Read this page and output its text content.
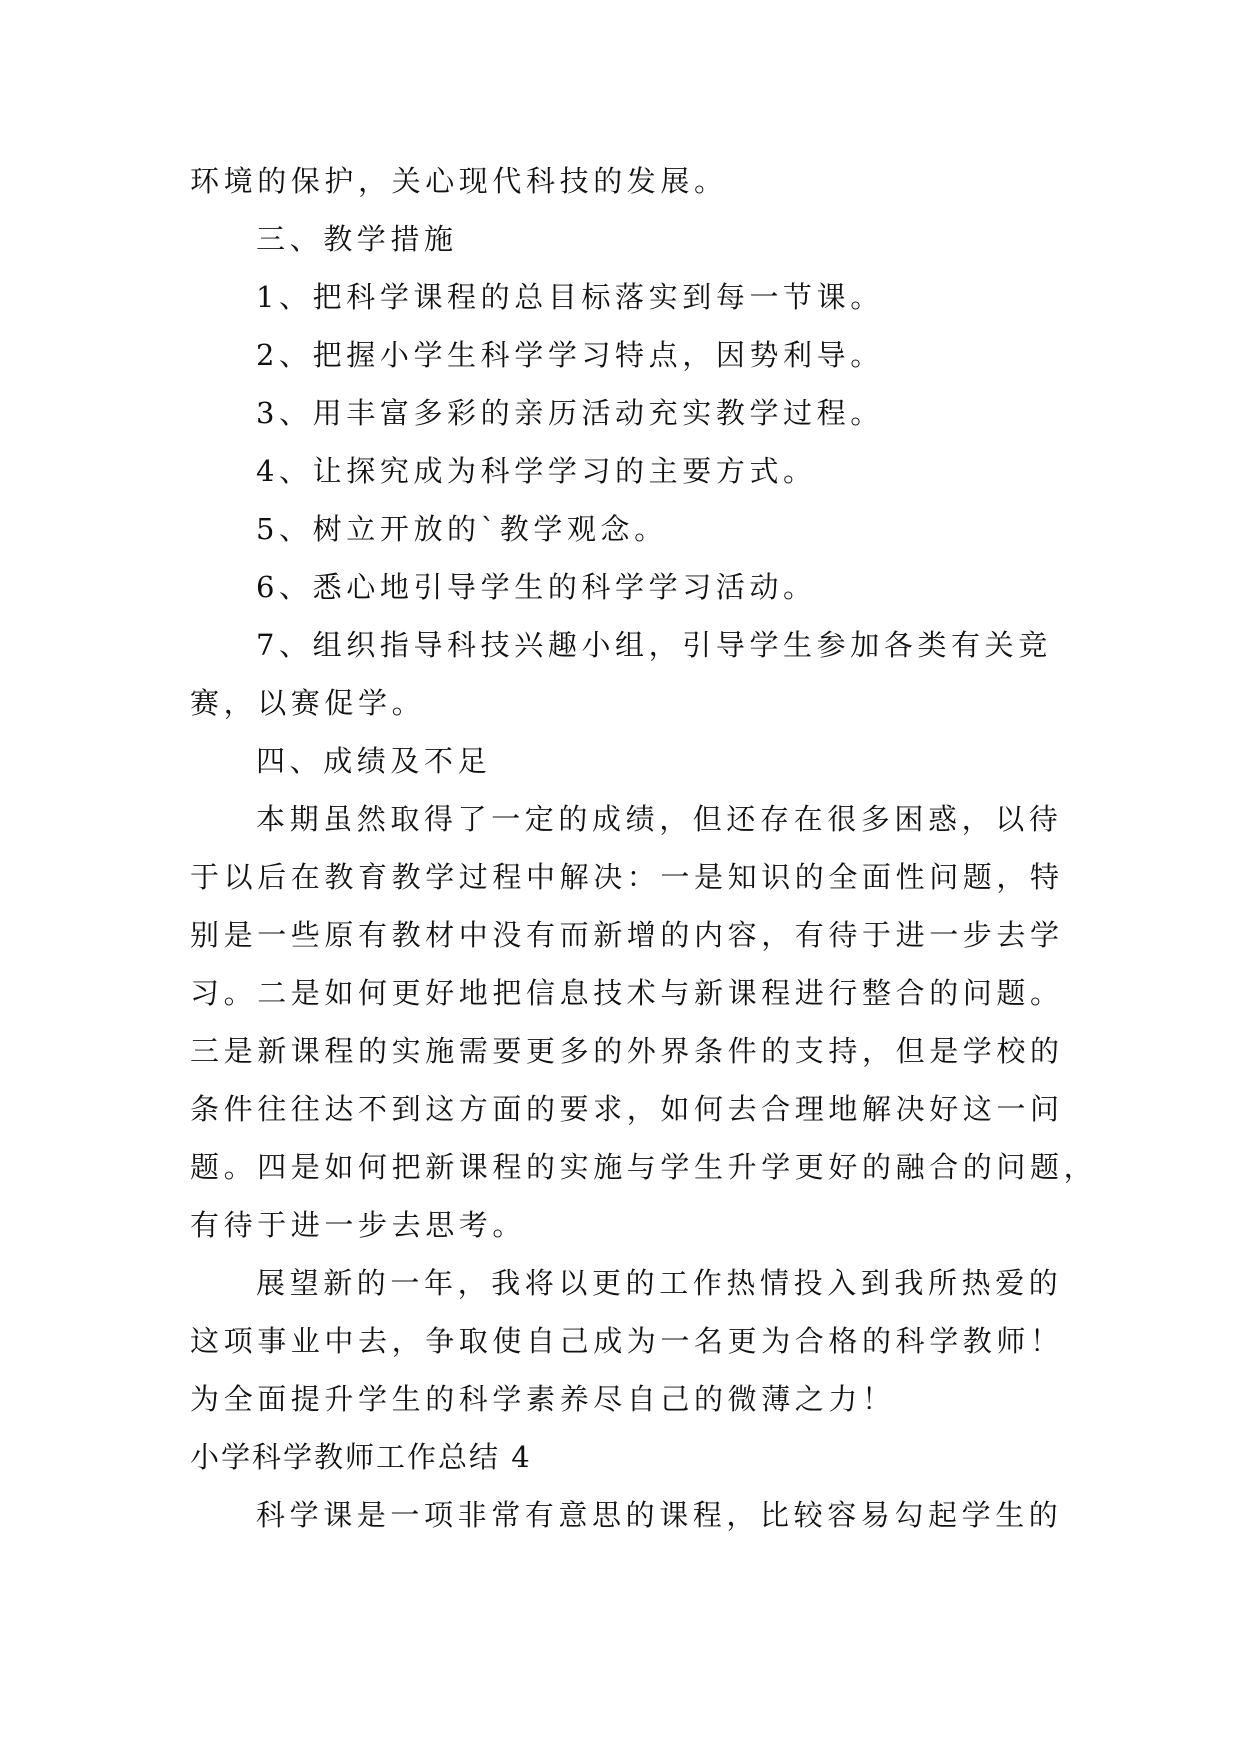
环境的保护，关心现代科技的发展。
三、教学措施
1、把科学课程的总目标落实到每一节课。
2、把握小学生科学学习特点，因势利导。
3、用丰富多彩的亲历活动充实教学过程。
4、让探究成为科学学习的主要方式。
5、树立开放的`教学观念。
6、悉心地引导学生的科学学习活动。
7、组织指导科技兴趣小组，引导学生参加各类有关竞
赛，以赛促学。
四、成绩及不足
本期虽然取得了一定的成绩，但还存在很多困惑，以待
于以后在教育教学过程中解决：一是知识的全面性问题，特
别是一些原有教材中没有而新增的内容，有待于进一步去学
习。二是如何更好地把信息技术与新课程进行整合的问题。
三是新课程的实施需要更多的外界条件的支持，但是学校的
条件往往达不到这方面的要求，如何去合理地解决好这一问
题。四是如何把新课程的实施与学生升学更好的融合的问题，
有待于进一步去思考。
展望新的一年，我将以更的工作热情投入到我所热爱的
这项事业中去，争取使自己成为一名更为合格的科学教师！
为全面提升学生的科学素养尽自己的微薄之力！
小学科学教师工作总结 4
科学课是一项非常有意思的课程，比较容易勾起学生的
